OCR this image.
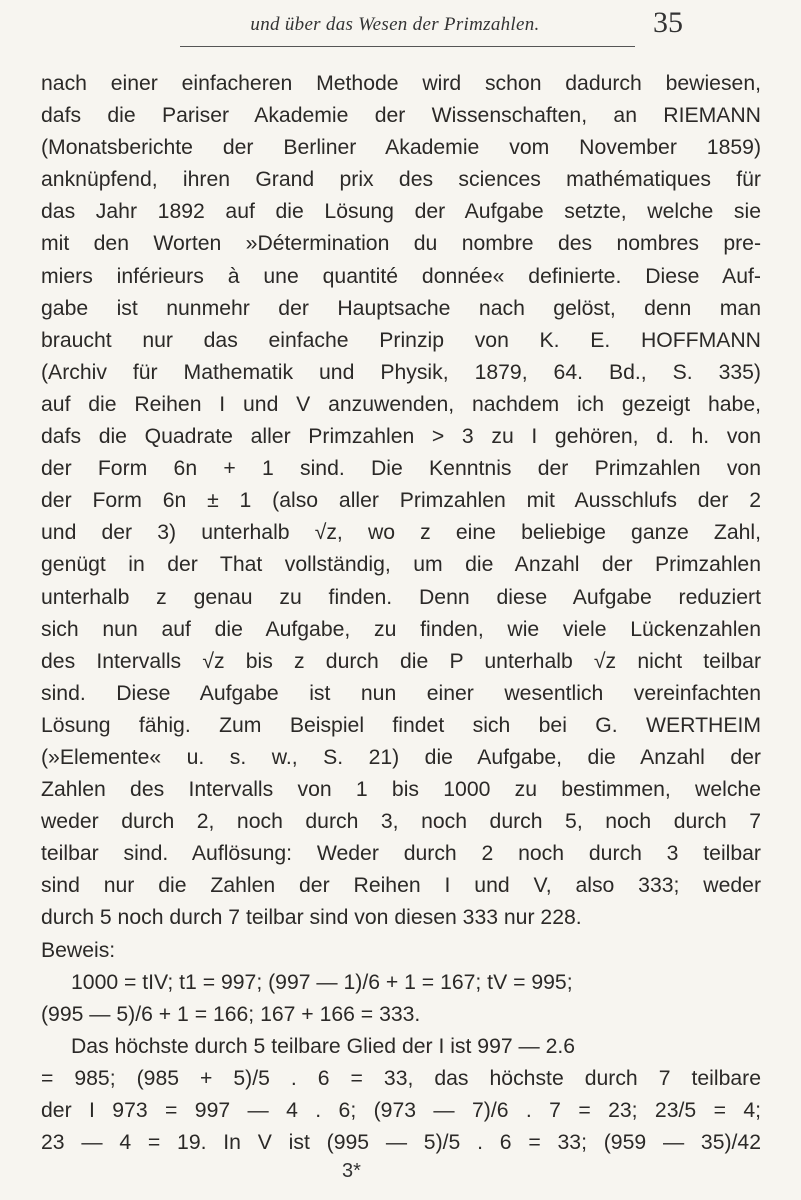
und über das Wesen der Primzahlen.	35
nach einer einfacheren Methode wird schon dadurch bewiesen,
dafs die Pariser Akademie der Wissenschaften, an RIEMANN
(Monatsberichte der Berliner Akademie vom November 1859)
anknüpfend, ihren Grand prix des sciences mathématiques für
das Jahr 1892 auf die Lösung der Aufgabe setzte, welche sie
mit den Worten »Détermination du nombre des nombres pre-
miers inférieurs à une quantité donnée« definierte. Diese Auf-
gabe ist nunmehr der Hauptsache nach gelöst, denn man
braucht nur das einfache Prinzip von K. E. HOFFMANN
(Archiv für Mathematik und Physik, 1879, 64. Bd., S. 335)
auf die Reihen I und V anzuwenden, nachdem ich gezeigt habe,
dafs die Quadrate aller Primzahlen > 3 zu I gehören, d. h. von
der Form 6n + 1 sind. Die Kenntnis der Primzahlen von
der Form 6n ± 1 (also aller Primzahlen mit Ausschlufs der 2
und der 3) unterhalb √z, wo z eine beliebige ganze Zahl,
genügt in der That vollständig, um die Anzahl der Primzahlen
unterhalb z genau zu finden. Denn diese Aufgabe reduziert
sich nun auf die Aufgabe, zu finden, wie viele Lückenzahlen
des Intervalls √z bis z durch die P unterhalb √z nicht teilbar
sind. Diese Aufgabe ist nun einer wesentlich vereinfachten
Lösung fähig. Zum Beispiel findet sich bei G. WERTHEIM
(»Elemente« u. s. w., S. 21) die Aufgabe, die Anzahl der
Zahlen des Intervalls von 1 bis 1000 zu bestimmen, welche
weder durch 2, noch durch 3, noch durch 5, noch durch 7
teilbar sind. Auflösung: Weder durch 2 noch durch 3 teilbar
sind nur die Zahlen der Reihen I und V, also 333; weder
durch 5 noch durch 7 teilbar sind von diesen 333 nur 228.
Beweis:
1000 = tIV; t1 = 997; (997 — 1)/6 + 1 = 167; tV = 995;
(995 — 5)/6 + 1 = 166; 167 + 166 = 333.
Das höchste durch 5 teilbare Glied der I ist 997 — 2.6
= 985; (985 + 5)/5 . 6 = 33, das höchste durch 7 teilbare
der I 973 = 997 — 4 . 6; (973 — 7)/6 . 7 = 23; 23/5 = 4;
23 — 4 = 19. In V ist (995 — 5)/5 . 6 = 33; (959 — 35)/42
3*
